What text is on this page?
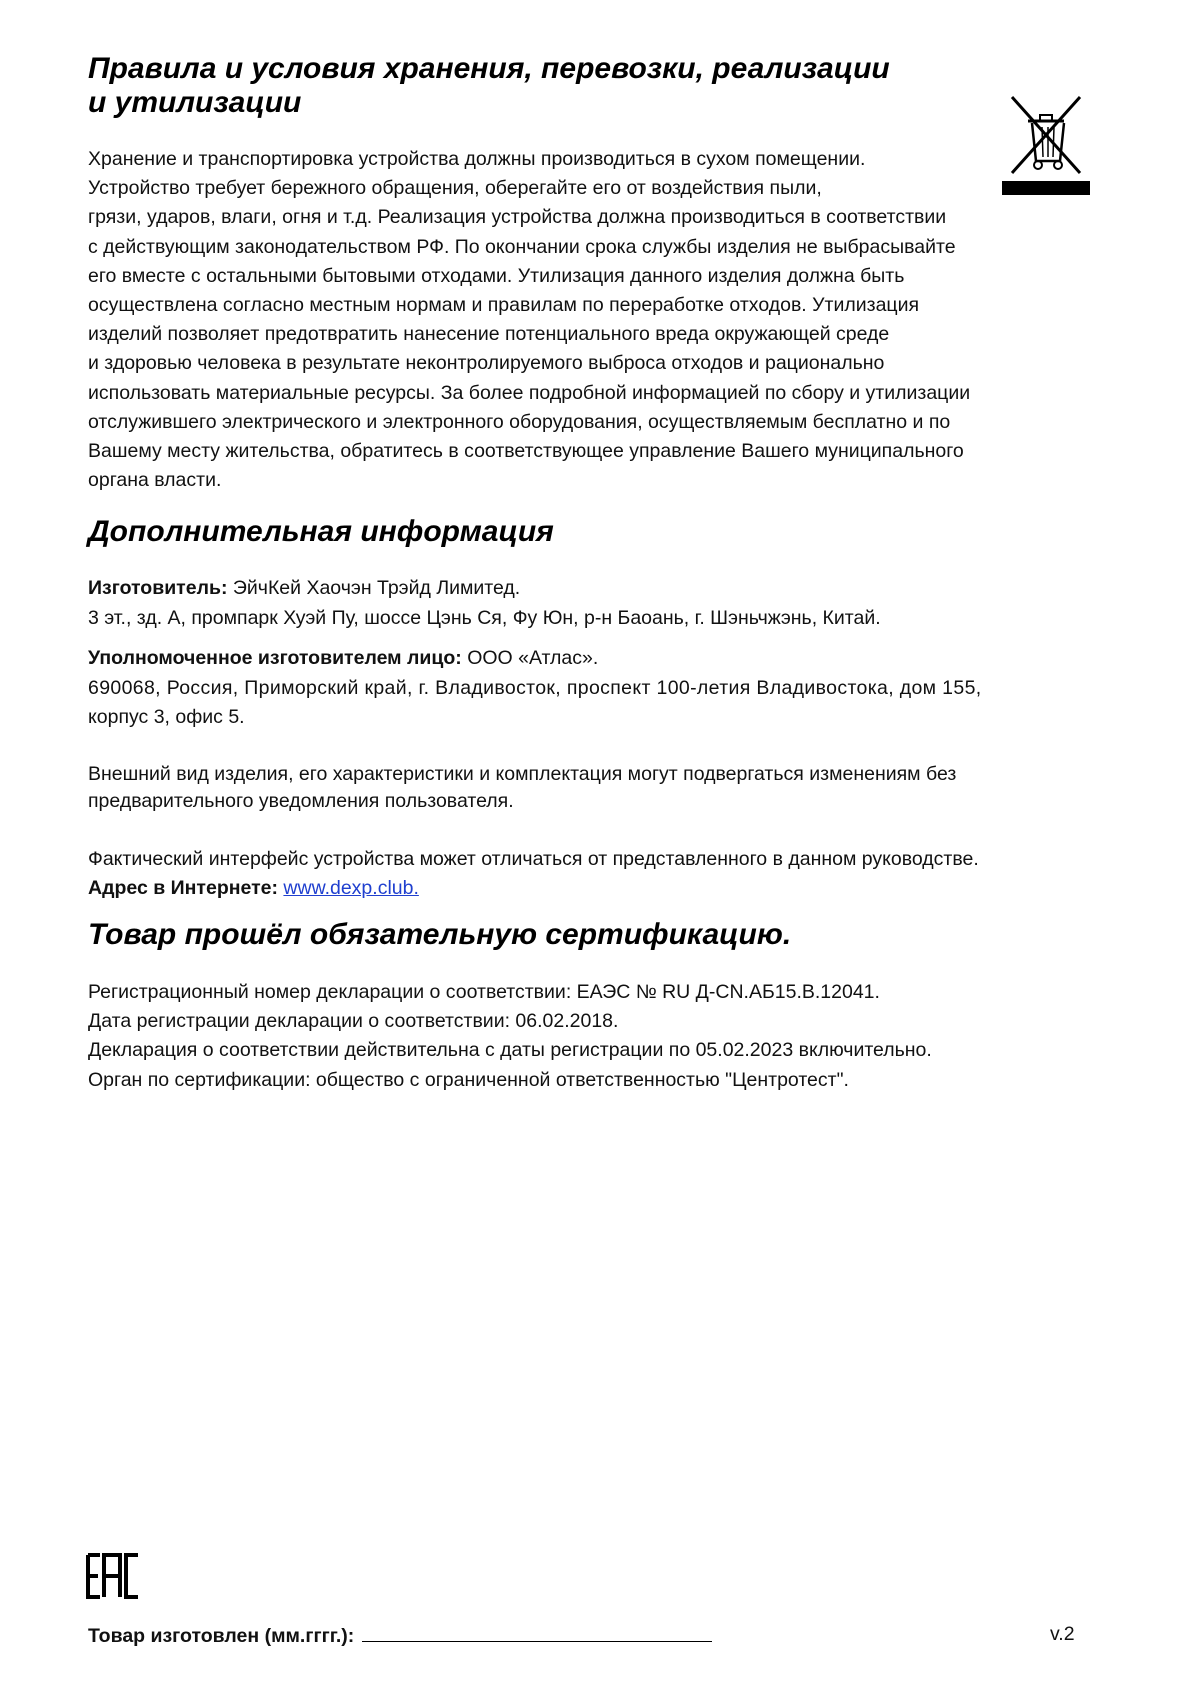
Правила и условия хранения, перевозки, реализации
и утилизации
Хранение и транспортировка устройства должны производиться в сухом помещении.
Устройство требует бережного обращения, оберегайте его от воздействия пыли,
грязи, ударов, влаги, огня и т.д. Реализация устройства должна производиться в соответствии
с действующим законодательством РФ. По окончании срока службы изделия не выбрасывайте
его вместе с остальными бытовыми отходами. Утилизация данного изделия должна быть
осуществлена согласно местным нормам и правилам по переработке отходов. Утилизация
изделий позволяет предотвратить нанесение потенциального вреда окружающей среде
и здоровью человека в результате неконтролируемого выброса отходов и рационально
использовать материальные ресурсы. За более подробной информацией по сбору и утилизации
отслужившего электрического и электронного оборудования, осуществляемым бесплатно и по
Вашему месту жительства, обратитесь в соответствующее управление Вашего муниципального
органа власти.
Дополнительная информация
Изготовитель: ЭйчКей Хаочэн Трэйд Лимитед.
3 эт., зд. А, промпарк Хуэй Пу, шоссе Цэнь Ся, Фу Юн, р-н Баоань, г. Шэньчжэнь, Китай.
Уполномоченное изготовителем лицо: ООО «Атлас».
690068, Россия, Приморский край, г. Владивосток, проспект 100-летия Владивостока, дом 155,
корпус 3, офис 5.
Внешний вид изделия, его характеристики и комплектация могут подвергаться изменениям без
предварительного уведомления пользователя.
Фактический интерфейс устройства может отличаться от представленного в данном руководстве.
Адрес в Интернете: www.dexp.club.
Товар прошёл обязательную сертификацию.
Регистрационный номер декларации о соответствии: ЕАЭС № RU Д-CN.АБ15.В.12041.
Дата регистрации декларации о соответствии: 06.02.2018.
Декларация о соответствии действительна с даты регистрации по 05.02.2023 включительно.
Орган по сертификации: общество с ограниченной ответственностью "Центротест".
Товар изготовлен (мм.гггг.):	v.2
